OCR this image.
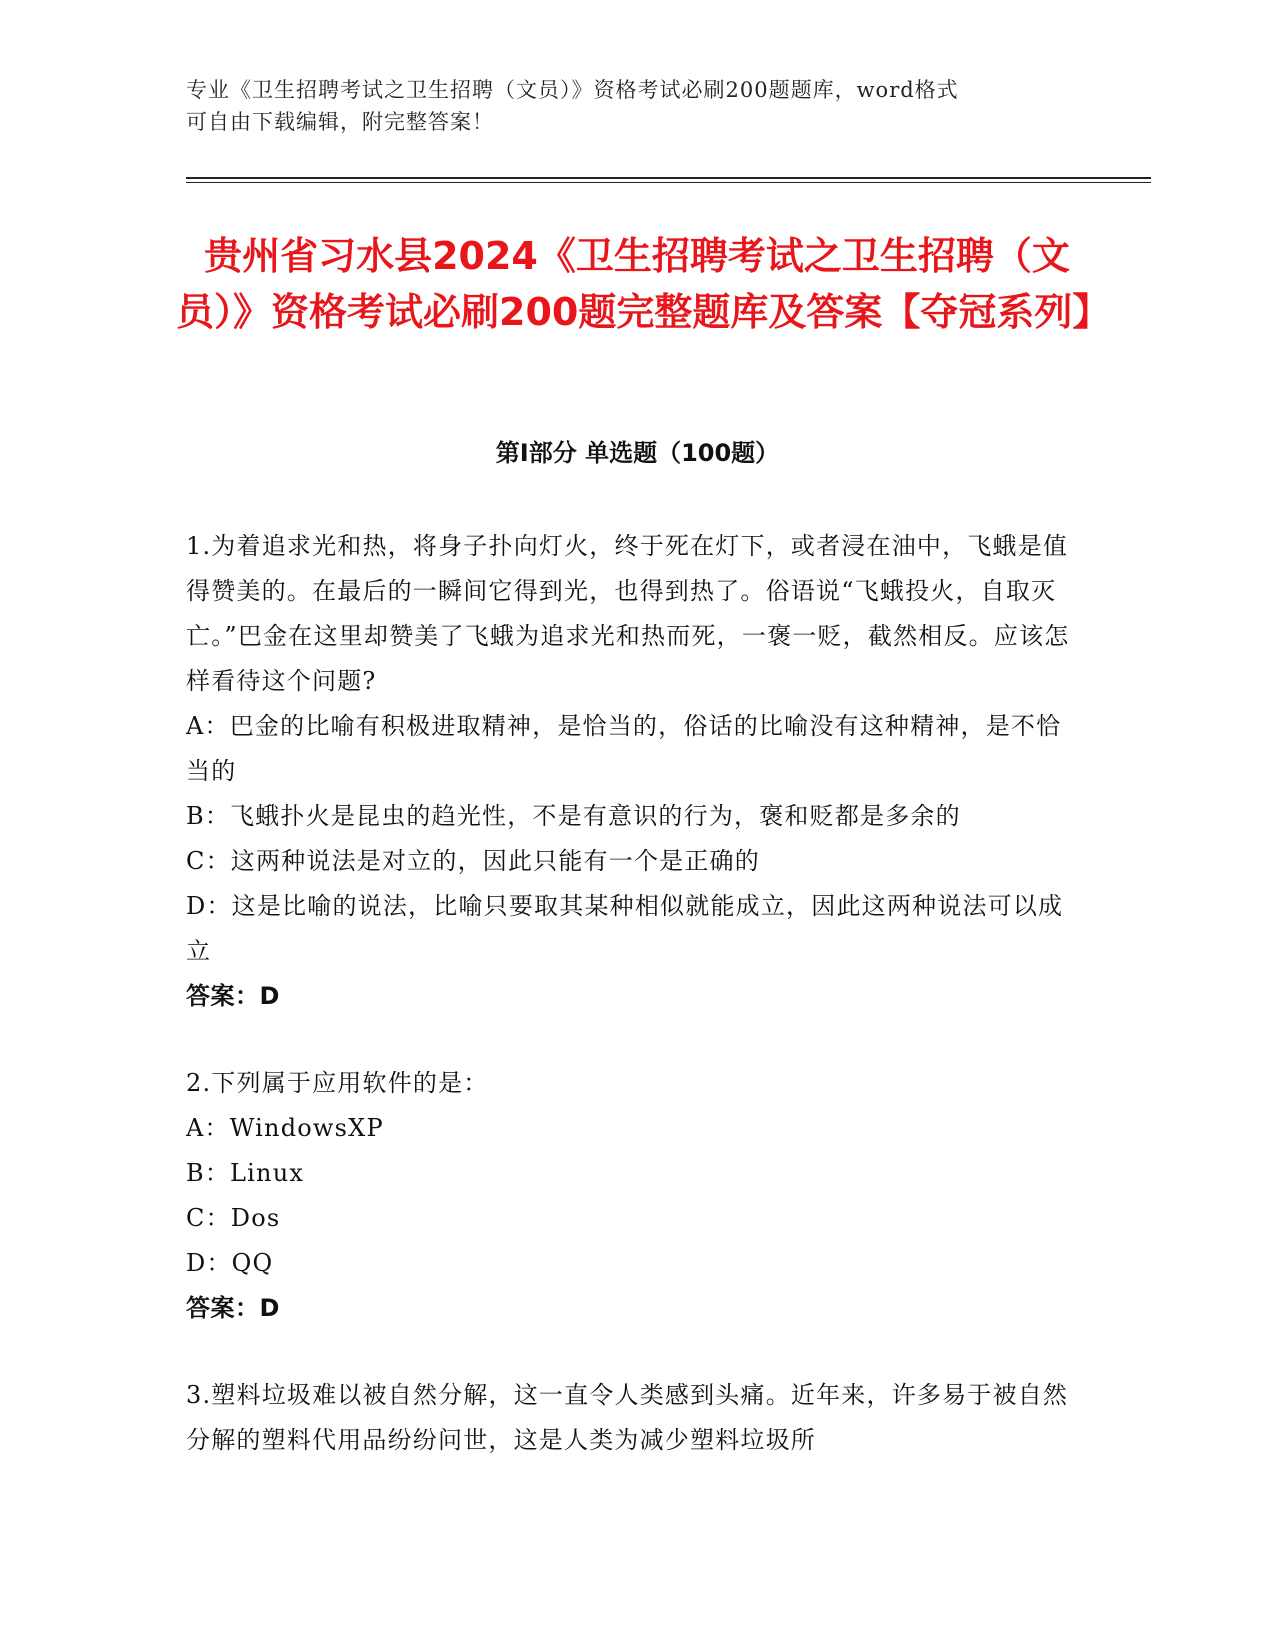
专业《卫生招聘考试之卫生招聘（文员）》资格考试必刷200题题库，word格式
可自由下载编辑，附完整答案！
贵州省习水县2024《卫生招聘考试之卫生招聘（文员）》资格考试必刷200题完整题库及答案【夺冠系列】
第Ⅰ部分 单选题（100题）

1.为着追求光和热，将身子扑向灯火，终于死在灯下，或者浸在油中，飞蛾是值得赞美的。在最后的一瞬间它得到光，也得到热了。俗语说“飞蛾投火，自取灭亡。”巴金在这里却赞美了飞蛾为追求光和热而死，一褒一贬，截然相反。应该怎样看待这个问题?

A：巴金的比喻有积极进取精神，是恰当的，俗话的比喻没有这种精神，是不恰当的

B：飞蛾扑火是昆虫的趋光性，不是有意识的行为，褒和贬都是多余的

C：这两种说法是对立的，因此只能有一个是正确的

D：这是比喻的说法，比喻只要取其某种相似就能成立，因此这两种说法可以成立

答案：D

2.下列属于应用软件的是：

A：WindowsXP

B：Linux

C：Dos

D：QQ

答案：D

3.塑料垃圾难以被自然分解，这一直令人类感到头痛。近年来，许多易于被自然分解的塑料代用品纷纷问世，这是人类为减少塑料垃圾所
